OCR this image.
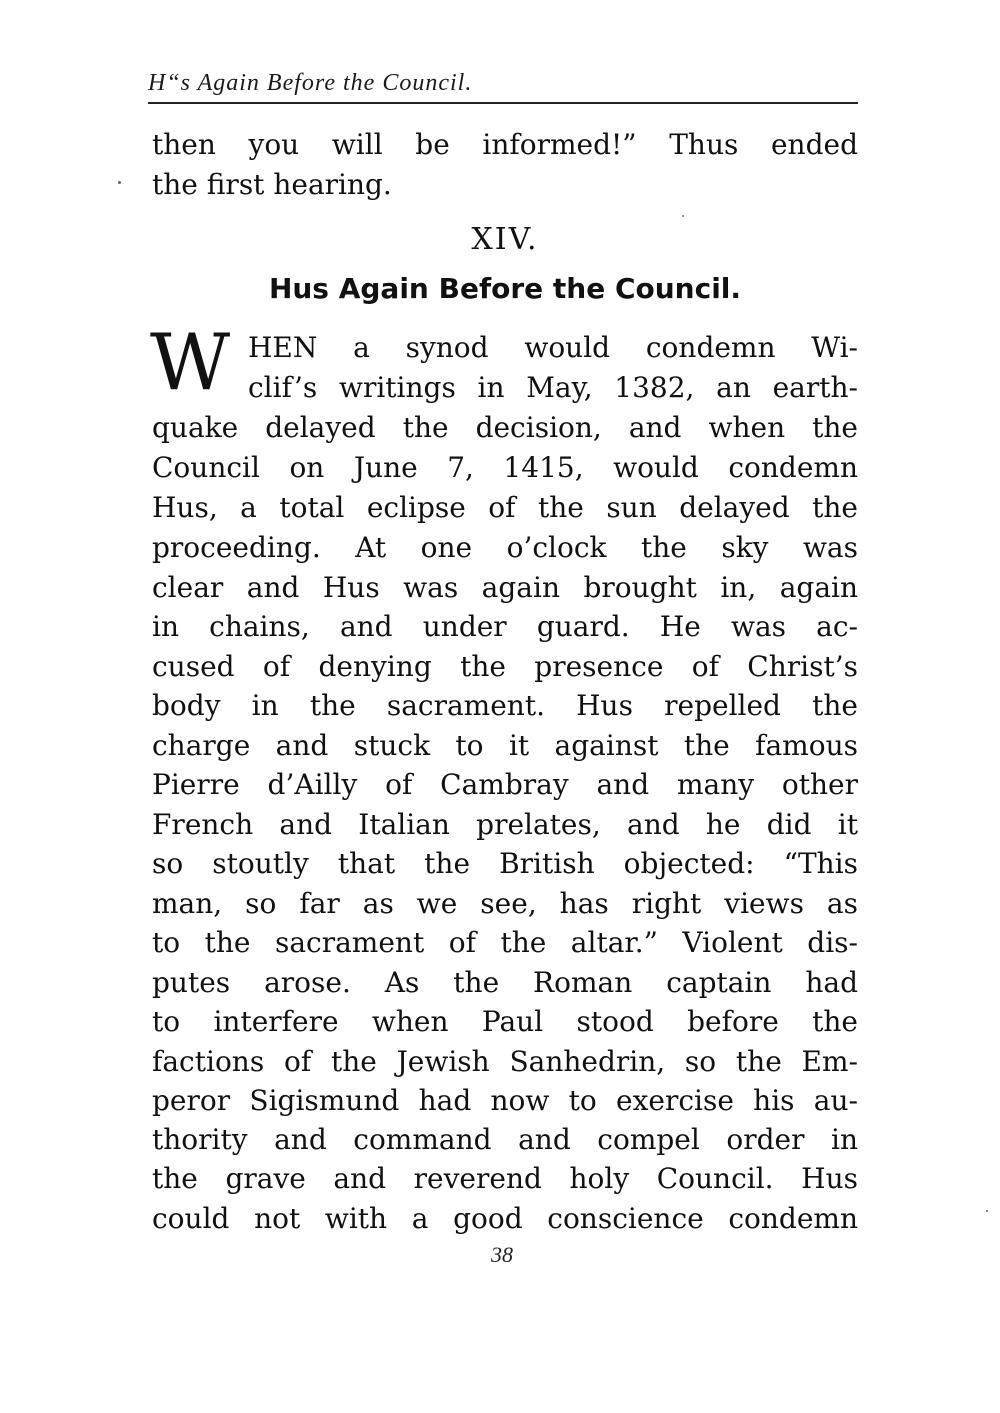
H“s Again Before the Council.
then you will be informed!” Thus ended
the first hearing.
XIV.
Hus Again Before the Council.
W HEN a synod would condemn Wi-
clif’s writings in May, 1382, an earth-
quake delayed the decision, and when the
Council on June 7, 1415, would condemn
Hus, a total eclipse of the sun delayed the
proceeding. At one o’clock the sky was
clear and Hus was again brought in, again
in chains, and under guard. He was ac-
cused of denying the presence of Christ’s
body in the sacrament. Hus repelled the
charge and stuck to it against the famous
Pierre d’Ailly of Cambray and many other
French and Italian prelates, and he did it
so stoutly that the British objected: “This
man, so far as we see, has right views as
to the sacrament of the altar.” Violent dis-
putes arose. As the Roman captain had
to interfere when Paul stood before the
factions of the Jewish Sanhedrin, so the Em-
peror Sigismund had now to exercise his au-
thority and command and compel order in
the grave and reverend holy Council. Hus
could not with a good conscience condemn
38
